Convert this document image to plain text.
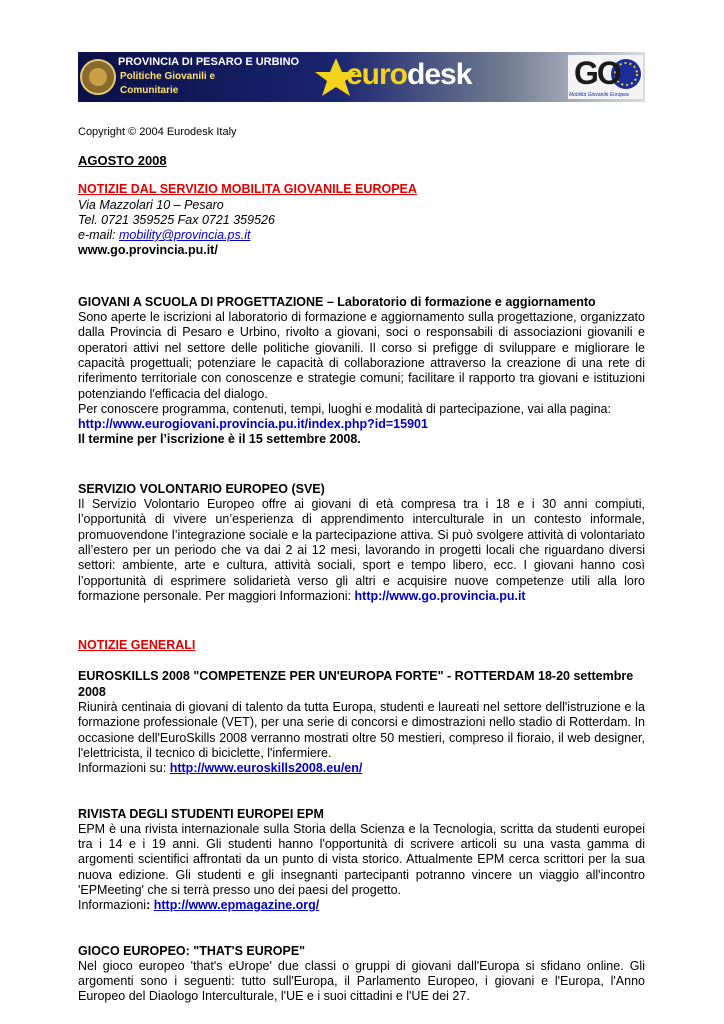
PROVINCIA DI PESARO E URBINO
Politiche Giovanili e
Comunitarie	eurodesk	GO
Mobilità Giovanile Europea
Copyright © 2004 Eurodesk Italy
AGOSTO 2008
NOTIZIE DAL SERVIZIO MOBILITA GIOVANILE EUROPEA
Via Mazzolari 10 – Pesaro
Tel. 0721 359525 Fax 0721 359526
e-mail: mobility@provincia.ps.it
www.go.provincia.pu.it/
GIOVANI A SCUOLA DI PROGETTAZIONE – Laboratorio di formazione e aggiornamento

Sono aperte le iscrizioni al laboratorio di formazione e aggiornamento sulla progettazione, organizzato dalla Provincia di Pesaro e Urbino, rivolto a giovani, soci o responsabili di associazioni giovanili e operatori attivi nel settore delle politiche giovanili. Il corso si prefigge di sviluppare e migliorare le capacità progettuali; potenziare le capacità di collaborazione attraverso la creazione di una rete di riferimento territoriale con conoscenze e strategie comuni; facilitare il rapporto tra giovani e istituzioni potenziando l'efficacia del dialogo.

Per conoscere programma, contenuti, tempi, luoghi e modalità di partecipazione, vai alla pagina:

http://www.eurogiovani.provincia.pu.it/index.php?id=15901
Il termine per l’iscrizione è il 15 settembre 2008.
SERVIZIO VOLONTARIO EUROPEO (SVE)

Il Servizio Volontario Europeo offre ai giovani di età compresa tra i 18 e i 30 anni compiuti, l’opportunità di vivere un’esperienza di apprendimento interculturale in un contesto informale, promuovendone l’integrazione sociale e la partecipazione attiva. Si può svolgere attività di volontariato all’estero per un periodo che va dai 2 ai 12 mesi, lavorando in progetti locali che riguardano diversi settori: ambiente, arte e cultura, attività sociali, sport e tempo libero, ecc. I giovani hanno così l’opportunità di esprimere solidarietà verso gli altri e acquisire nuove competenze utili alla loro formazione personale. Per maggiori Informazioni: http://www.go.provincia.pu.it

NOTIZIE GENERALI
EUROSKILLS 2008 "COMPETENZE PER UN'EUROPA FORTE" - ROTTERDAM 18-20 settembre 2008

Riunirà centinaia di giovani di talento da tutta Europa, studenti e laureati nel settore dell'istruzione e la formazione professionale (VET), per una serie di concorsi e dimostrazioni nello stadio di Rotterdam. In occasione dell'EuroSkills 2008 verranno mostrati oltre 50 mestieri, compreso il fioraio, il web designer, l'elettricista, il tecnico di biciclette, l'infermiere.

Informazioni su: http://www.euroskills2008.eu/en/
RIVISTA DEGLI STUDENTI EUROPEI EPM

EPM è una rivista internazionale sulla Storia della Scienza e la Tecnologia, scritta da studenti europei tra i 14 e i 19 anni. Gli studenti hanno l'opportunità di scrivere articoli su una vasta gamma di argomenti scientifici affrontati da un punto di vista storico. Attualmente EPM cerca scrittori per la sua nuova edizione. Gli studenti e gli insegnanti partecipanti potranno vincere un viaggio all'incontro 'EPMeeting' che si terrà presso uno dei paesi del progetto.

Informazioni: http://www.epmagazine.org/
GIOCO EUROPEO: "THAT'S EUROPE"

Nel gioco europeo 'that's eUrope' due classi o gruppi di giovani dall'Europa si sfidano online. Gli argomenti sono i seguenti: tutto sull'Europa, il Parlamento Europeo, i giovani e l'Europa, l'Anno Europeo del Diaologo Interculturale, l'UE e i suoi cittadini e l'UE dei 27.
